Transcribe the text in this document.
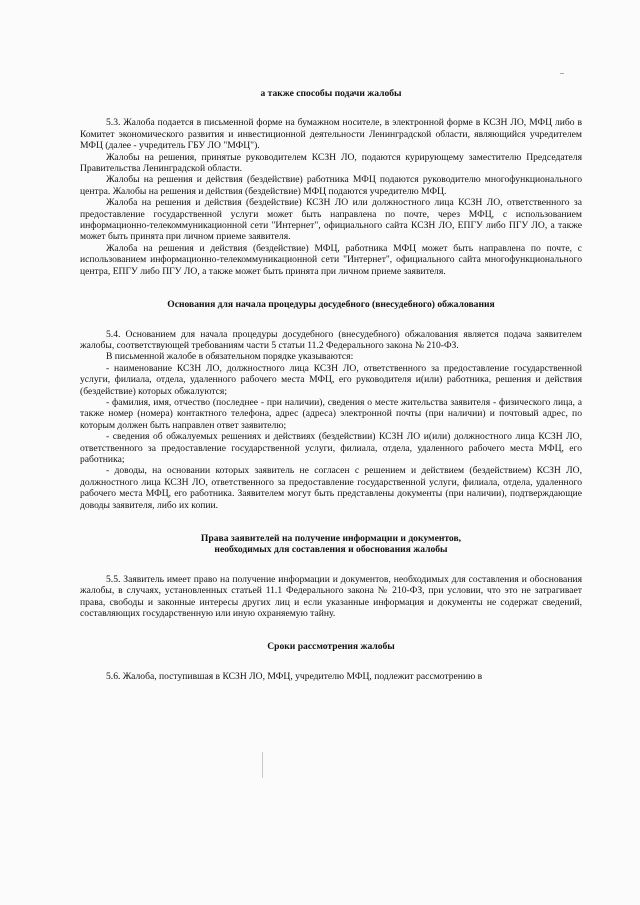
а также способы подачи жалобы

5.3. Жалоба подается в письменной форме на бумажном носителе, в электронной форме в КСЗН ЛО, МФЦ либо в Комитет экономического развития и инвестиционной деятельности Ленинградской области, являющийся учредителем МФЦ (далее - учредитель ГБУ ЛО "МФЦ").

Жалобы на решения, принятые руководителем КСЗН ЛО, подаются курирующему заместителю Председателя Правительства Ленинградской области.

Жалобы на решения и действия (бездействие) работника МФЦ подаются руководителю многофункционального центра. Жалобы на решения и действия (бездействие) МФЦ подаются учредителю МФЦ.

Жалоба на решения и действия (бездействие) КСЗН ЛО или должностного лица КСЗН ЛО, ответственного за предоставление государственной услуги может быть направлена по почте, через МФЦ, с использованием информационно-телекоммуникационной сети "Интернет", официального сайта КСЗН ЛО, ЕПГУ либо ПГУ ЛО, а также может быть принята при личном приеме заявителя.

Жалоба на решения и действия (бездействие) МФЦ, работника МФЦ может быть направлена по почте, с использованием информационно-телекоммуникационной сети "Интернет", официального сайта многофункционального центра, ЕПГУ либо ПГУ ЛО, а также может быть принята при личном приеме заявителя.

Основания для начала процедуры досудебного (внесудебного) обжалования

5.4. Основанием для начала процедуры досудебного (внесудебного) обжалования является подача заявителем жалобы, соответствующей требованиям части 5 статьи 11.2 Федерального закона № 210-ФЗ.

В письменной жалобе в обязательном порядке указываются:

- наименование КСЗН ЛО, должностного лица КСЗН ЛО, ответственного за предоставление государственной услуги, филиала, отдела, удаленного рабочего места МФЦ, его руководителя и(или) работника, решения и действия (бездействие) которых обжалуются;

- фамилия, имя, отчество (последнее - при наличии), сведения о месте жительства заявителя - физического лица, а также номер (номера) контактного телефона, адрес (адреса) электронной почты (при наличии) и почтовый адрес, по которым должен быть направлен ответ заявителю;

- сведения об обжалуемых решениях и действиях (бездействии) КСЗН ЛО и(или) должностного лица КСЗН ЛО, ответственного за предоставление государственной услуги, филиала, отдела, удаленного рабочего места МФЦ, его работника;

- доводы, на основании которых заявитель не согласен с решением и действием (бездействием) КСЗН ЛО, должностного лица КСЗН ЛО, ответственного за предоставление государственной услуги, филиала, отдела, удаленного рабочего места МФЦ, его работника. Заявителем могут быть представлены документы (при наличии), подтверждающие доводы заявителя, либо их копии.

Права заявителей на получение информации и документов,

необходимых для составления и обоснования жалобы

5.5. Заявитель имеет право на получение информации и документов, необходимых для составления и обоснования жалобы, в случаях, установленных статьей 11.1 Федерального закона № 210-ФЗ, при условии, что это не затрагивает права, свободы и законные интересы других лиц и если указанные информация и документы не содержат сведений, составляющих государственную или иную охраняемую тайну.

Сроки рассмотрения жалобы

5.6. Жалоба, поступившая в КСЗН ЛО, МФЦ, учредителю МФЦ, подлежит рассмотрению в
